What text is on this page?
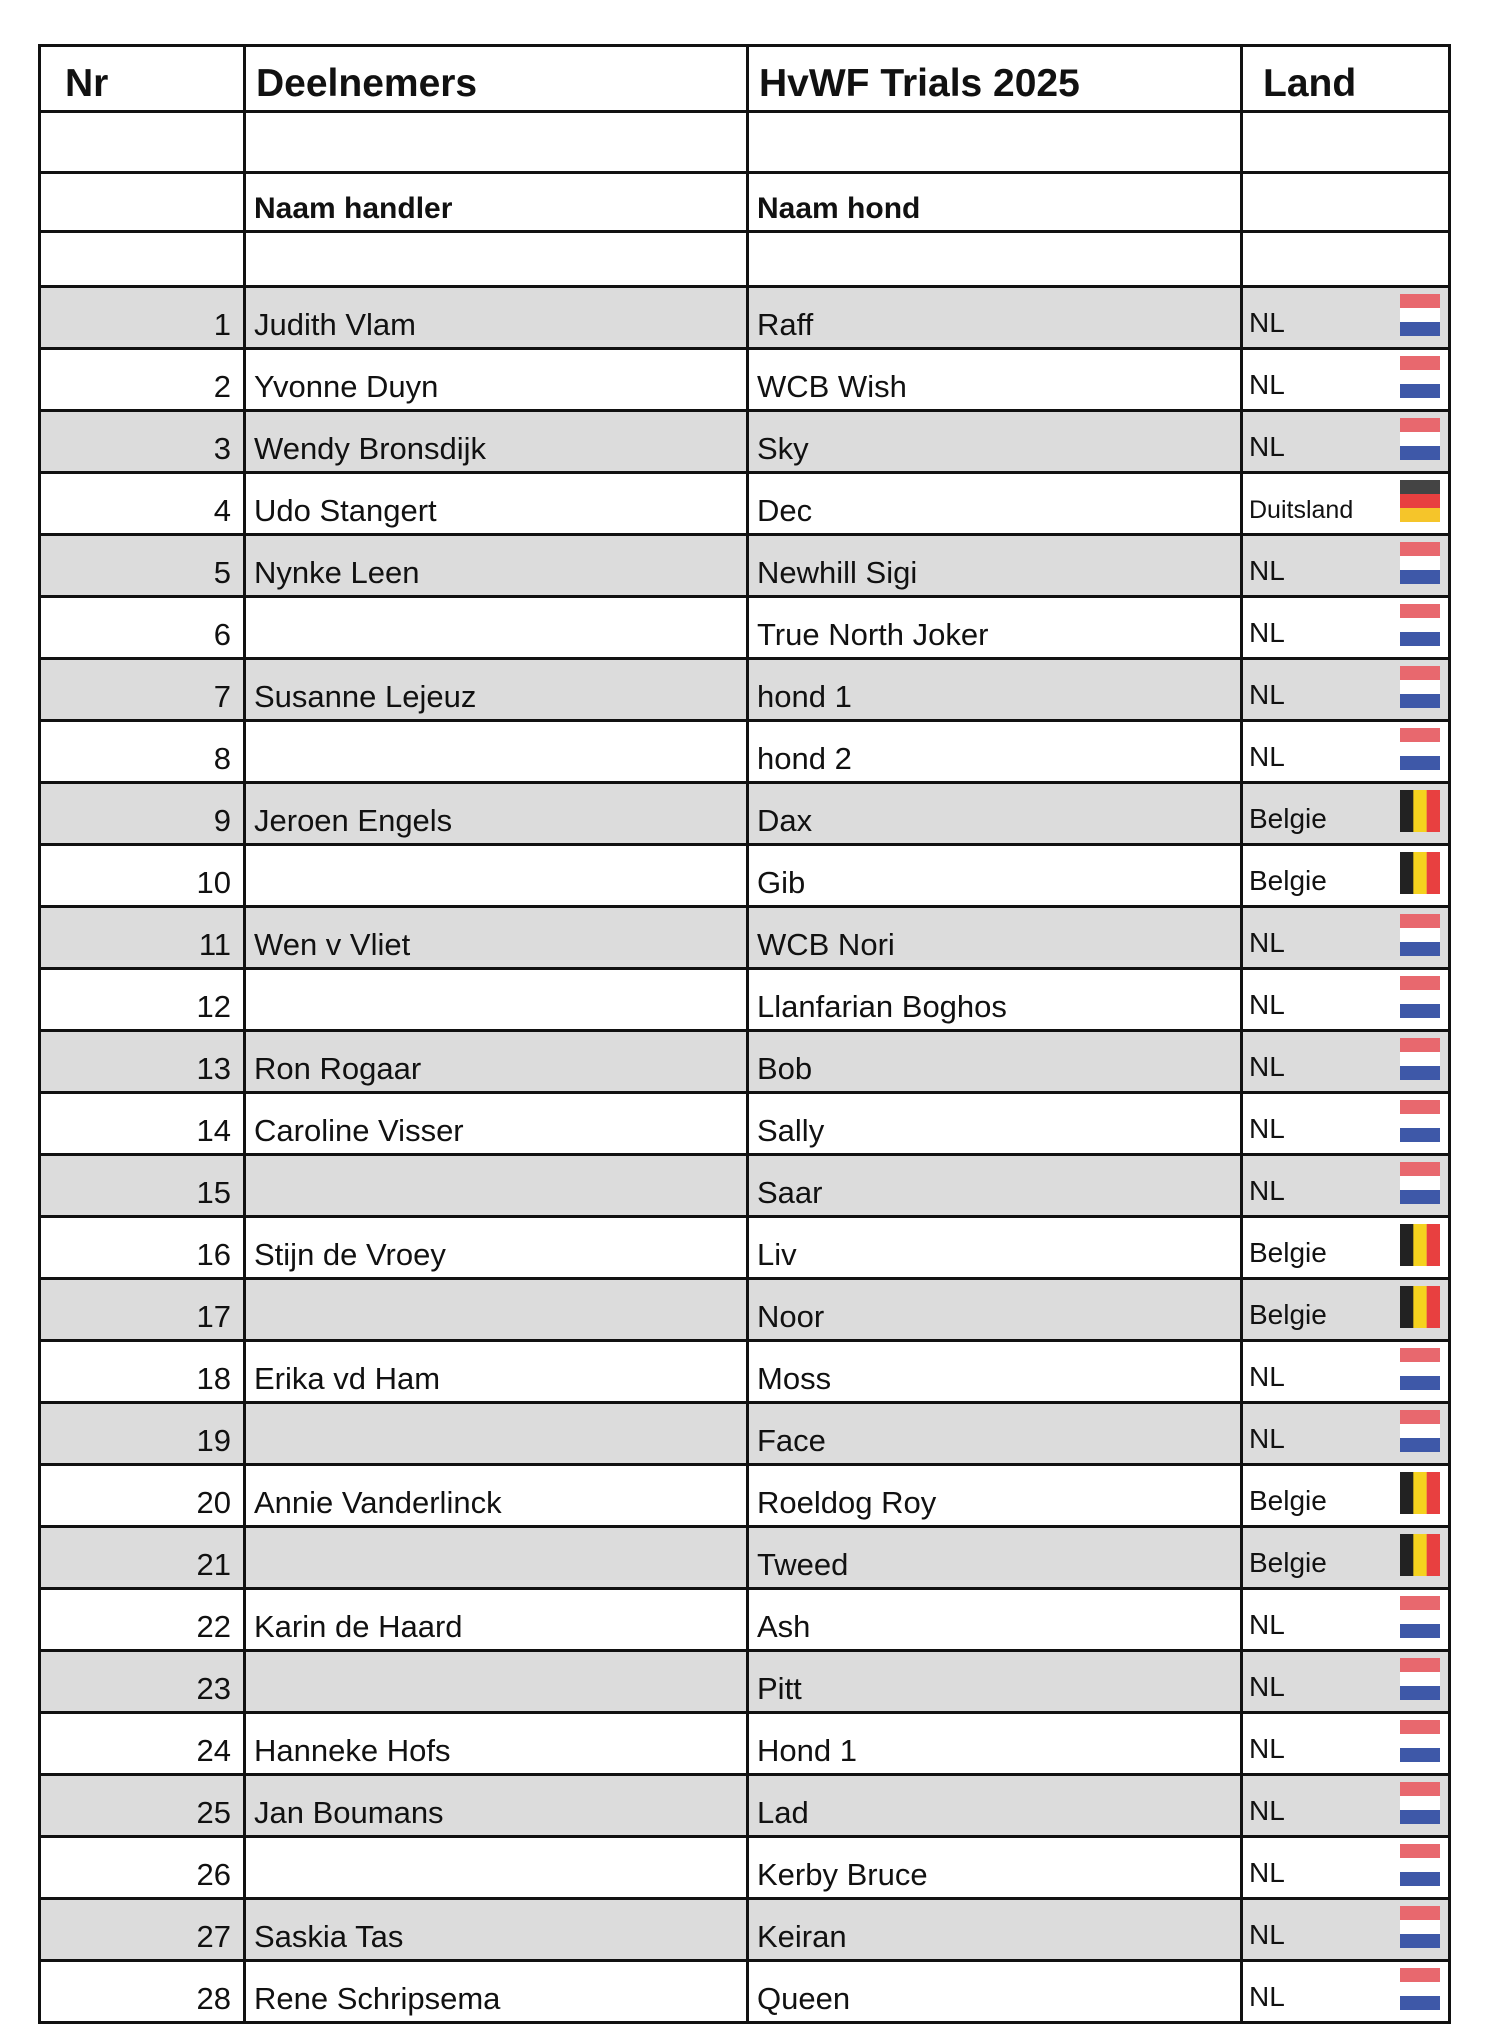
Nr	Deelnemers	HvWF Trials 2025	Land

	Naam handler	Naam hond	

1	Judith Vlam	Raff	NL

2	Yvonne Duyn	WCB Wish	NL

3	Wendy Bronsdijk	Sky	NL

4	Udo Stangert	Dec	Duitsland

5	Nynke Leen	Newhill Sigi	NL

6		True North Joker	NL

7	Susanne Lejeuz	hond 1	NL

8		hond 2	NL

9	Jeroen Engels	Dax	Belgie

10		Gib	Belgie

11	Wen v Vliet	WCB Nori	NL

12		Llanfarian Boghos	NL

13	Ron Rogaar	Bob	NL

14	Caroline Visser	Sally	NL

15		Saar	NL

16	Stijn de Vroey	Liv	Belgie

17		Noor	Belgie

18	Erika vd Ham	Moss	NL

19		Face	NL

20	Annie Vanderlinck	Roeldog Roy	Belgie

21		Tweed	Belgie

22	Karin de Haard	Ash	NL

23		Pitt	NL

24	Hanneke Hofs	Hond 1	NL

25	Jan Boumans	Lad	NL

26		Kerby Bruce	NL

27	Saskia Tas	Keiran	NL

28	Rene Schripsema	Queen	NL
